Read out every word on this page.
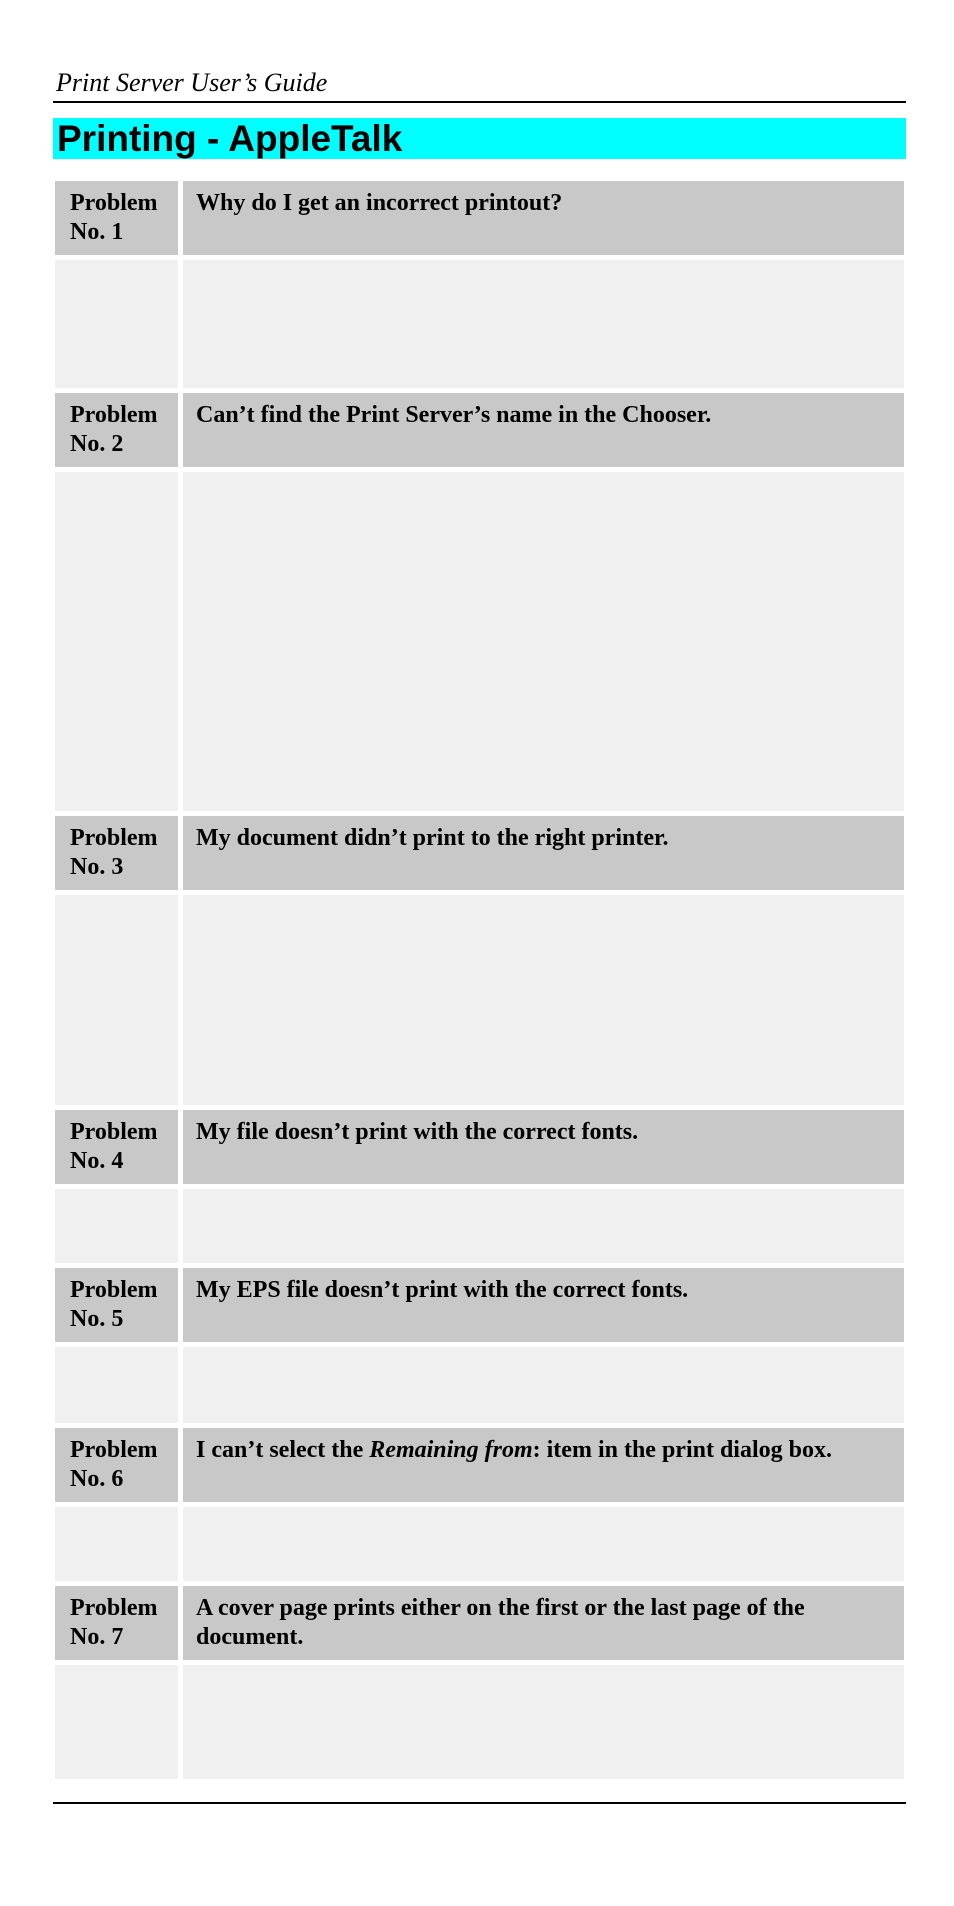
Print Server User’s Guide
Printing - AppleTalk
Problem
No. 1
Why do I get an incorrect printout?
Problem
No. 2
Can’t find the Print Server’s name in the Chooser.
Problem
No. 3
My document didn’t print to the right printer.
Problem
No. 4
My file doesn’t print with the correct fonts.
Problem
No. 5
My EPS file doesn’t print with the correct fonts.
Problem
No. 6
I can’t select the Remaining from: item in the print dialog box.
Problem
No. 7
A cover page prints either on the first or the last page of the document.
